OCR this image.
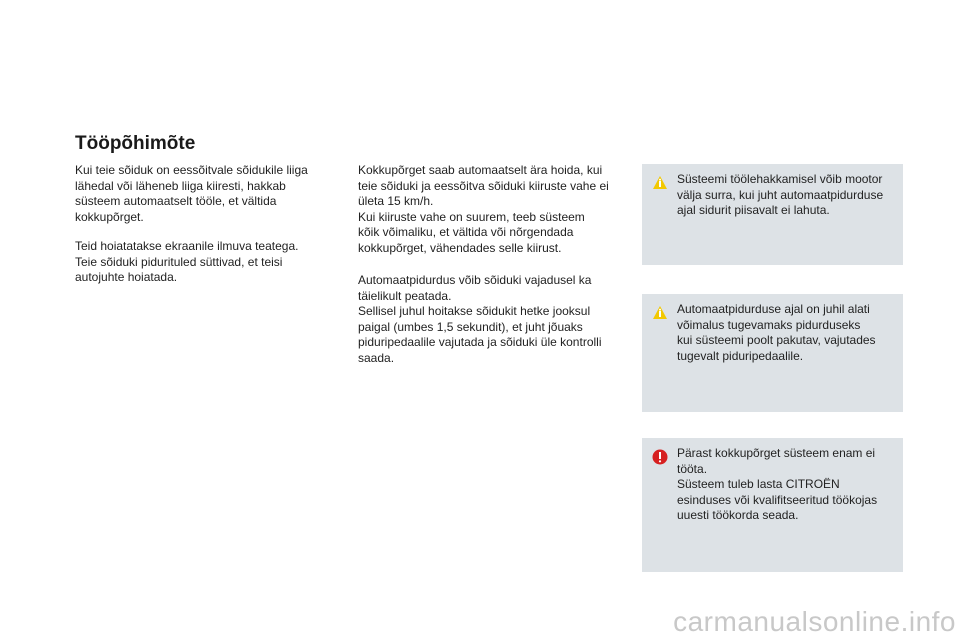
Tööpõhimõte

Kui teie sõiduk on eessõitvale sõidukile liiga
lähedal või läheneb liiga kiiresti, hakkab
süsteem automaatselt tööle, et vältida
kokkupõrget.

Teid hoiatatakse ekraanile ilmuva teatega.
Teie sõiduki pidurituled süttivad, et teisi
autojuhte hoiatada.

Kokkupõrget saab automaatselt ära hoida, kui
teie sõiduki ja eessõitva sõiduki kiiruste vahe ei
ületa 15 km/h.
Kui kiiruste vahe on suurem, teeb süsteem
kõik võimaliku, et vältida või nõrgendada
kokkupõrget, vähendades selle kiirust.

Automaatpidurdus võib sõiduki vajadusel ka
täielikult peatada.
Sellisel juhul hoitakse sõidukit hetke jooksul
paigal (umbes 1,5 sekundit), et juht jõuaks
piduripedaalile vajutada ja sõiduki üle kontrolli
saada.

Süsteemi töölehakkamisel võib mootor
välja surra, kui juht automaatpidurduse
ajal sidurit piisavalt ei lahuta.
Automaatpidurduse ajal on juhil alati
võimalus tugevamaks pidurduseks
kui süsteemi poolt pakutav, vajutades
tugevalt piduripedaalile.
Pärast kokkupõrget süsteem enam ei
tööta.
Süsteem tuleb lasta CITROËN
esinduses või kvalifitseeritud töökojas
uuesti töökorda seada.
carmanualsonline.info
